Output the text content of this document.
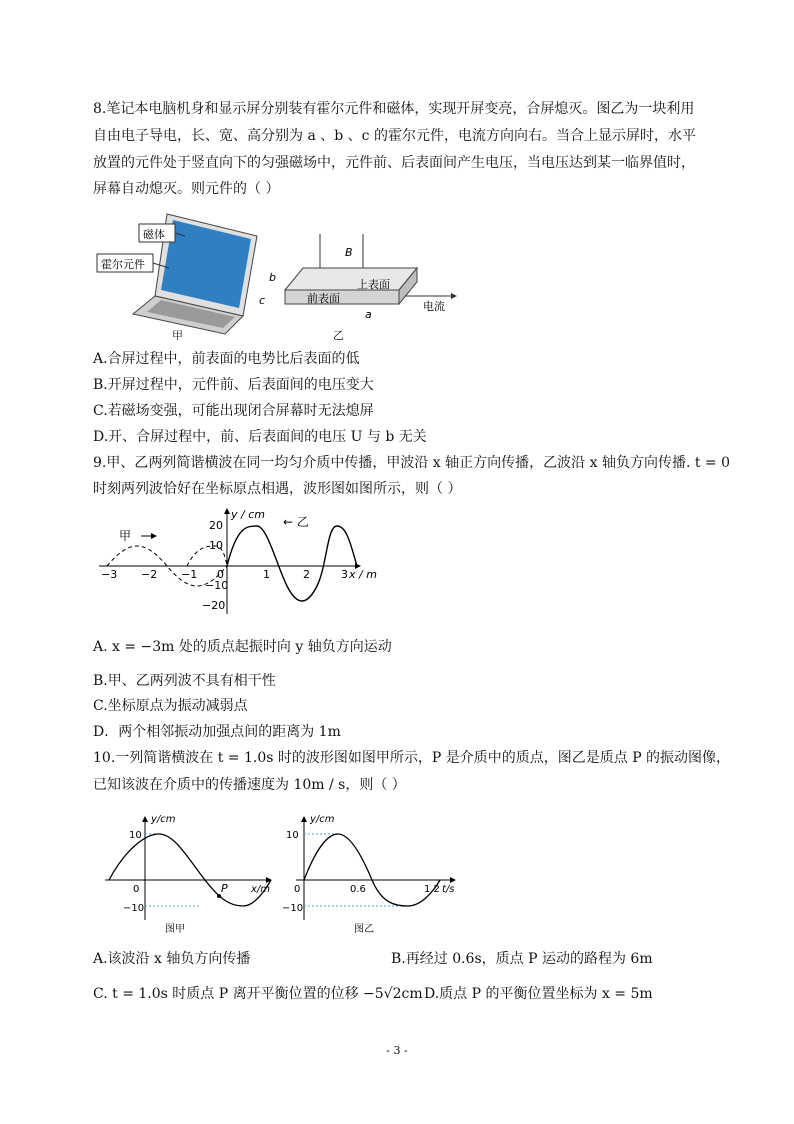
8.笔记本电脑机身和显示屏分别装有霍尔元件和磁体，实现开屏变亮，合屏熄灭。图乙为一块利用
自由电子导电，长、宽、高分别为 a 、b 、c 的霍尔元件，电流方向向右。当合上显示屏时，水平
放置的元件处于竖直向下的匀强磁场中，元件前、后表面间产生电压，当电压达到某一临界值时，
屏幕自动熄灭。则元件的（ ）
磁体
霍尔元件
甲
B
b
c
a
上表面
前表面
电流
乙
A.合屏过程中，前表面的电势比后表面的低
B.开屏过程中，元件前、后表面间的电压变大
C.若磁场变强，可能出现闭合屏幕时无法熄屏
D.开、合屏过程中，前、后表面间的电压 U 与 b 无关
9.甲、乙两列简谐横波在同一均匀介质中传播，甲波沿 x 轴正方向传播，乙波沿 x 轴负方向传播. t = 0
时刻两列波恰好在坐标原点相遇，波形图如图所示，则（ ）
y / cm
x / m
20
10
−10
−20
−3 −2 −1 0	1	2	3
甲
← 乙
A. x = −3m 处的质点起振时向 y 轴负方向运动
B.甲、乙两列波不具有相干性
C.坐标原点为振动减弱点
D．两个相邻振动加强点间的距离为 1m
10.一列简谐横波在 t = 1.0s 时的波形图如图甲所示，P 是介质中的质点，图乙是质点 P 的振动图像，
已知该波在介质中的传播速度为 10m / s，则（ ）
y/cm
x/m
10
0
−10
P
图甲
y/cm
t/s
10
0
−10
0.6	1.2
图乙
A.该波沿 x 轴负方向传播	B.再经过 0.6s，质点 P 运动的路程为 6m
C. t = 1.0s 时质点 P 离开平衡位置的位移 −5√2cm D.质点 P 的平衡位置坐标为 x = 5m
- 3 -
